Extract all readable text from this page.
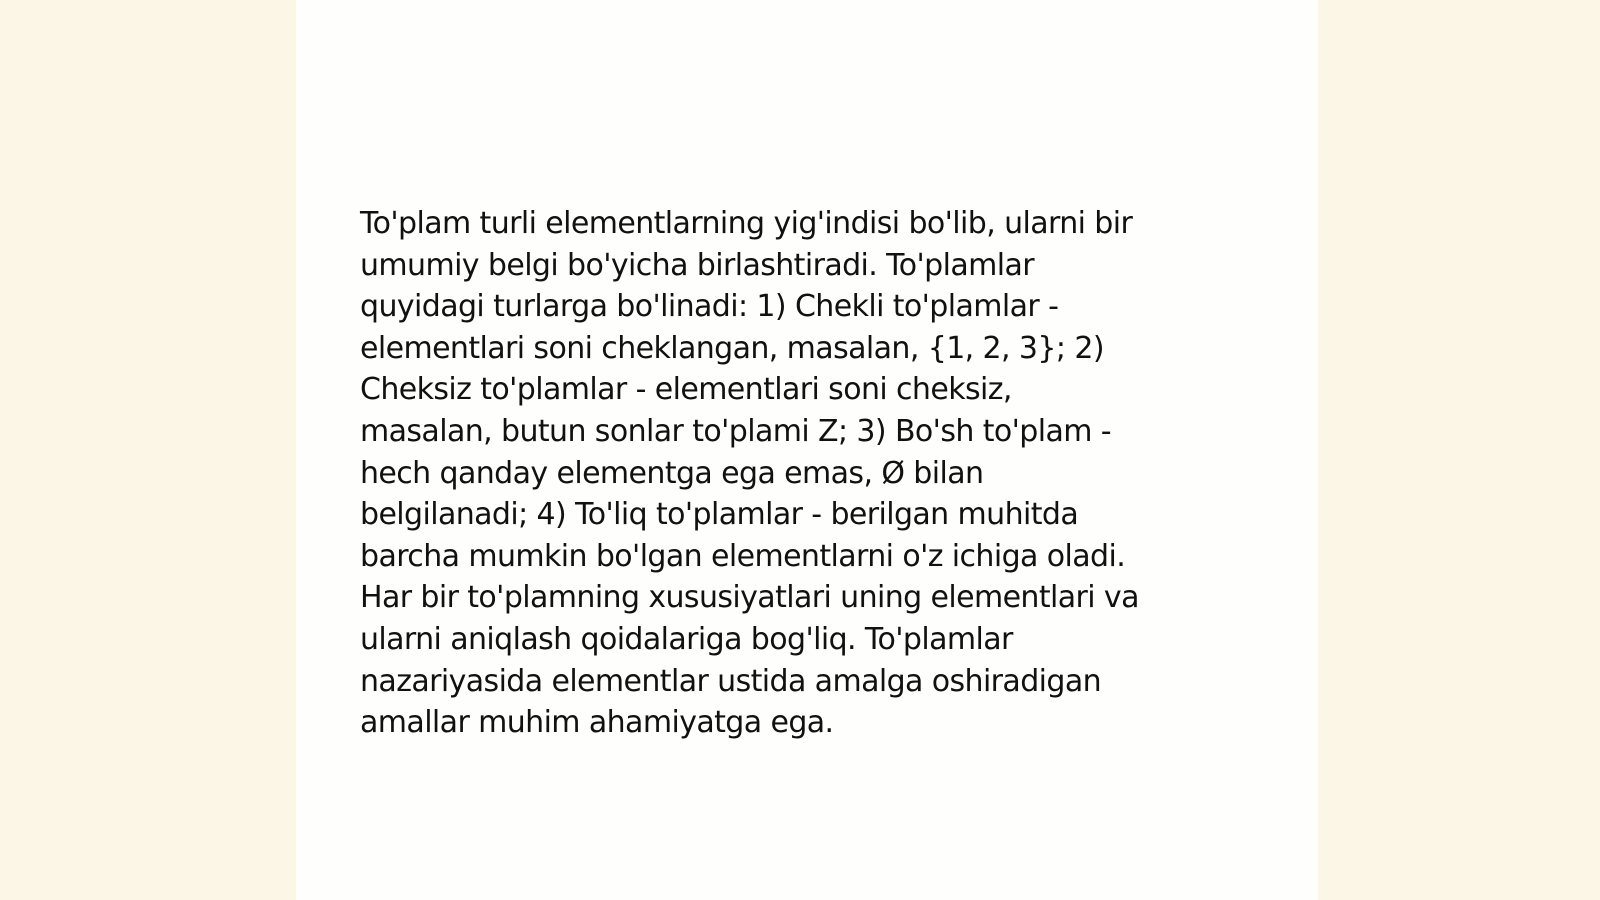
To'plam turli elementlarning yig'indisi bo'lib, ularni bir
umumiy belgi bo'yicha birlashtiradi. To'plamlar
quyidagi turlarga bo'linadi: 1) Chekli to'plamlar -
elementlari soni cheklangan, masalan, {1, 2, 3}; 2)
Cheksiz to'plamlar - elementlari soni cheksiz,
masalan, butun sonlar to'plami Z; 3) Bo'sh to'plam -
hech qanday elementga ega emas, Ø bilan
belgilanadi; 4) To'liq to'plamlar - berilgan muhitda
barcha mumkin bo'lgan elementlarni o'z ichiga oladi.
Har bir to'plamning xususiyatlari uning elementlari va
ularni aniqlash qoidalariga bog'liq. To'plamlar
nazariyasida elementlar ustida amalga oshiradigan
amallar muhim ahamiyatga ega.
